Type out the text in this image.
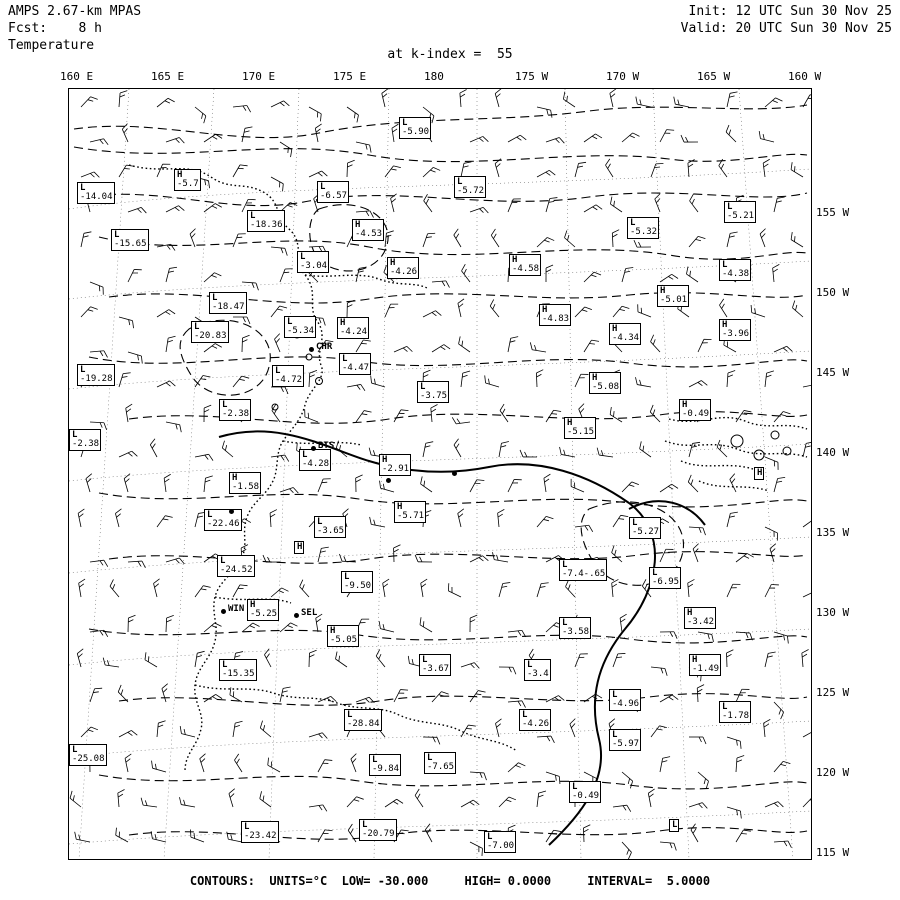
AMPS 2.67-km MPAS
Fcst:    8 h
Temperature
Init: 12 UTC Sun 30 Nov 25
Valid: 20 UTC Sun 30 Nov 25
at k-index =  55
L
-5.90
L
-14.04
H
-5.7	L
-6.57
L
-5.72
L
-5.32
L
-5.21
L
-18.36	H
-4.53
L
-15.65
L
-3.04	H
-4.26
H
-4.58	L
-4.38
H
-5.01
L
-18.47	H
-4.83
L
-20.83
L
-5.34
H
-4.24	H
-4.34
H
-3.96
L
-19.28
L
-4.72
L
-4.47
L
-3.75
H
-5.08
L
-2.38
H
-0.49
L
-2.38
H
-5.15
L
-4.28	H
-2.91
H
-1.58
H
-5.71
H
L
-22.46	L
-3.65
L
-5.27
H
L
-24.52	L
-7.4-.65	L
-6.95
L
-9.50
H
-5.25	H
-3.42
L
-3.58
H
-5.05
L
-3.67	L
-3.4
H
-1.49
L
-15.35
L
-4.96	L
-1.78
L
-4.26
L
-28.84
L
-5.97
L
-25.08	L
-9.84
L
-7.65
L
-0.49
L
-23.42
L
-20.79	L
-7.00
L
CHR
BTS
SEL
WIN
CONTOURS:  UNITS=°C  LOW= -30.000     HIGH= 0.0000     INTERVAL=  5.0000
160 E	165 E	170 E	175 E	180	175 W	170 W	165 W	160 W
155 W
150 W
145 W
140 W
135 W
130 W
125 W
120 W
115 W
